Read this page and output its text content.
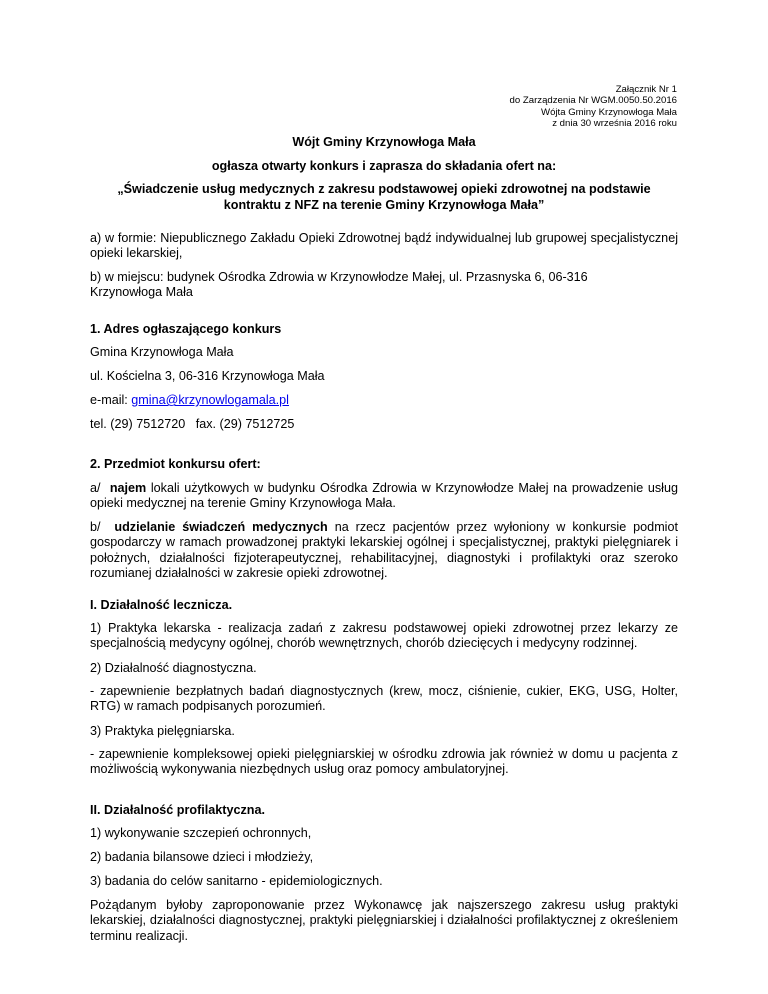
Załącznik Nr 1
do Zarządzenia Nr WGM.0050.50.2016
Wójta Gminy Krzynowłoga Mała
z dnia 30 września 2016 roku
Wójt Gminy Krzynowłoga Mała
ogłasza otwarty konkurs i zaprasza do składania ofert na:
„Świadczenie usług medycznych z zakresu podstawowej opieki zdrowotnej na podstawie
kontraktu z NFZ na terenie Gminy Krzynowłoga Mała”
a) w formie: Niepublicznego Zakładu Opieki Zdrowotnej bądź indywidualnej lub grupowej specjalistycznej opieki lekarskiej,
b) w miejscu: budynek Ośrodka Zdrowia w Krzynowłodze Małej, ul. Przasnyska 6, 06-316
Krzynowłoga Mała
1. Adres ogłaszającego konkurs
Gmina Krzynowłoga Mała
ul. Kościelna 3, 06-316 Krzynowłoga Mała
e-mail: gmina@krzynowlogamala.pl
tel. (29) 7512720   fax. (29) 7512725
2. Przedmiot konkursu ofert:
a/  najem lokali użytkowych w budynku Ośrodka Zdrowia w Krzynowłodze Małej na prowadzenie usług opieki medycznej na terenie Gminy Krzynowłoga Mała.
b/  udzielanie świadczeń medycznych na rzecz pacjentów przez wyłoniony w konkursie podmiot gospodarczy w ramach prowadzonej praktyki lekarskiej ogólnej i specjalistycznej, praktyki pielęgniarek i położnych, działalności fizjoterapeutycznej, rehabilitacyjnej, diagnostyki i profilaktyki oraz szeroko rozumianej działalności w zakresie opieki zdrowotnej.
I. Działalność lecznicza.
1) Praktyka lekarska - realizacja zadań z zakresu podstawowej opieki zdrowotnej przez lekarzy ze specjalnością medycyny ogólnej, chorób wewnętrznych, chorób dziecięcych i medycyny rodzinnej.
2) Działalność diagnostyczna.
- zapewnienie bezpłatnych badań diagnostycznych (krew, mocz, ciśnienie, cukier, EKG, USG, Holter, RTG) w ramach podpisanych porozumień.
3) Praktyka pielęgniarska.
- zapewnienie kompleksowej opieki pielęgniarskiej w ośrodku zdrowia jak również w domu u pacjenta z możliwością wykonywania niezbędnych usług oraz pomocy ambulatoryjnej.
II. Działalność profilaktyczna.
1) wykonywanie szczepień ochronnych,
2) badania bilansowe dzieci i młodzieży,
3) badania do celów sanitarno - epidemiologicznych.
Pożądanym byłoby zaproponowanie przez Wykonawcę jak najszerszego zakresu usług praktyki lekarskiej, działalności diagnostycznej, praktyki pielęgniarskiej i działalności profilaktycznej z określeniem terminu realizacji.
